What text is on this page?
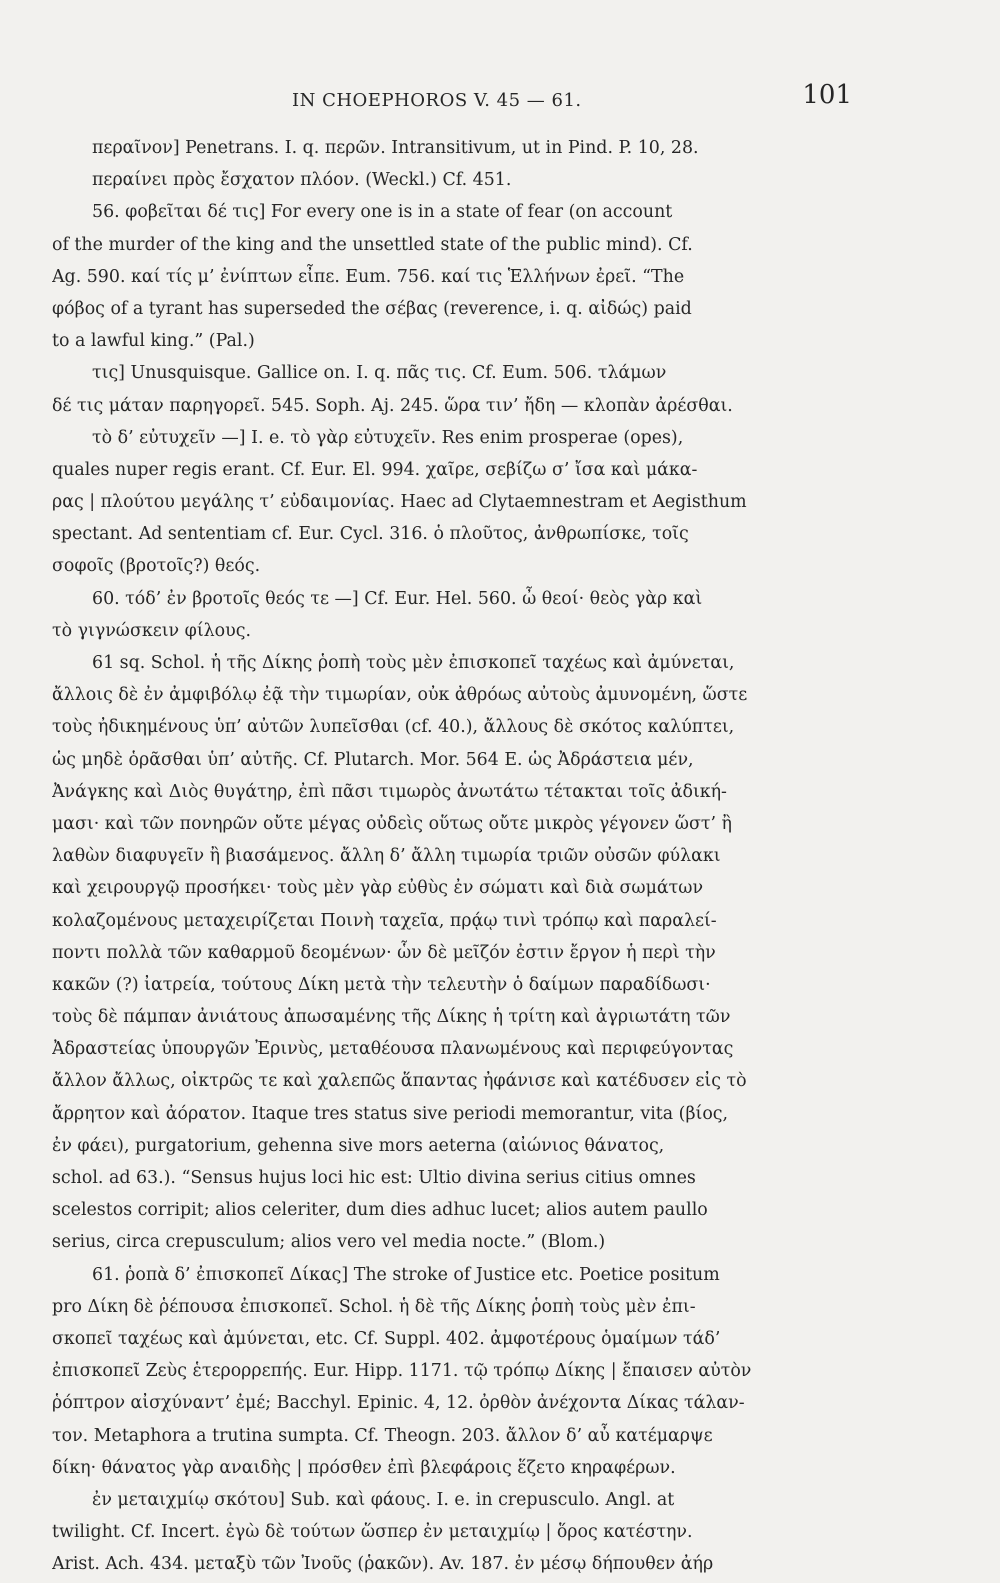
IN CHOEPHOROS V. 45 — 61.	101
περαῖνον] Penetrans. I. q. περῶν. Intransitivum, ut in Pind. P. 10, 28.
περαίνει πρὸς ἔσχατον πλόον. (Weckl.) Cf. 451.
56. φοβεῖται δέ τις] For every one is in a state of fear (on account
of the murder of the king and the unsettled state of the public mind). Cf.
Ag. 590. καί τίς μ’ ἐνίπτων εἶπε. Eum. 756. καί τις Ἑλλήνων ἐρεῖ. “The
φόβος of a tyrant has superseded the σέβας (reverence, i. q. αἰδώς) paid
to a lawful king.” (Pal.)
τις] Unusquisque. Gallice on. I. q. πᾶς τις. Cf. Eum. 506. τλάμων
δέ τις μάταν παρηγορεῖ. 545. Soph. Aj. 245. ὥρα τιν’ ἤδη — κλοπὰν ἀρέσθαι.
τὸ δ’ εὐτυχεῖν —] I. e. τὸ γὰρ εὐτυχεῖν. Res enim prosperae (opes),
quales nuper regis erant. Cf. Eur. El. 994. χαῖρε, σεβίζω σ’ ἴσα καὶ μάκα-
ρας | πλούτου μεγάλης τ’ εὐδαιμονίας. Haec ad Clytaemnestram et Aegisthum
spectant. Ad sententiam cf. Eur. Cycl. 316. ὁ πλοῦτος, ἀνθρωπίσκε, τοῖς
σοφοῖς (βροτοῖς?) θεός.
60. τόδ’ ἐν βροτοῖς θεός τε —] Cf. Eur. Hel. 560. ὦ θεοί· θεὸς γὰρ καὶ
τὸ γιγνώσκειν φίλους.
61 sq. Schol. ἡ τῆς Δίκης ῥοπὴ τοὺς μὲν ἐπισκοπεῖ ταχέως καὶ ἀμύνεται,
ἄλλοις δὲ ἐν ἀμφιβόλῳ ἐᾷ τὴν τιμωρίαν, οὐκ ἀθρόως αὐτοὺς ἀμυνομένη, ὥστε
τοὺς ἠδικημένους ὑπ’ αὐτῶν λυπεῖσθαι (cf. 40.), ἄλλους δὲ σκότος καλύπτει,
ὡς μηδὲ ὁρᾶσθαι ὑπ’ αὐτῆς. Cf. Plutarch. Mor. 564 E. ὡς Ἀδράστεια μέν,
Ἀνάγκης καὶ Διὸς θυγάτηρ, ἐπὶ πᾶσι τιμωρὸς ἀνωτάτω τέτακται τοῖς ἀδική-
μασι· καὶ τῶν πονηρῶν οὔτε μέγας οὐδεὶς οὕτως οὔτε μικρὸς γέγονεν ὥστ’ ἢ
λαθὼν διαφυγεῖν ἢ βιασάμενος. ἄλλη δ’ ἄλλη τιμωρία τριῶν οὐσῶν φύλακι
καὶ χειρουργῷ προσήκει· τοὺς μὲν γὰρ εὐθὺς ἐν σώματι καὶ διὰ σωμάτων
κολαζομένους μεταχειρίζεται Ποινὴ ταχεῖα, πρᾴῳ τινὶ τρόπῳ καὶ παραλεί-
ποντι πολλὰ τῶν καθαρμοῦ δεομένων· ὧν δὲ μεῖζόν ἐστιν ἔργον ἡ περὶ τὴν
κακῶν (?) ἰατρεία, τούτους Δίκη μετὰ τὴν τελευτὴν ὁ δαίμων παραδίδωσι·
τοὺς δὲ πάμπαν ἀνιάτους ἀπωσαμένης τῆς Δίκης ἡ τρίτη καὶ ἀγριωτάτη τῶν
Ἀδραστείας ὑπουργῶν Ἐρινὺς, μεταθέουσα πλανωμένους καὶ περιφεύγοντας
ἄλλον ἄλλως, οἰκτρῶς τε καὶ χαλεπῶς ἅπαντας ἠφάνισε καὶ κατέδυσεν εἰς τὸ
ἄρρητον καὶ ἀόρατον. Itaque tres status sive periodi memorantur, vita (βίος,
ἐν φάει), purgatorium, gehenna sive mors aeterna (αἰώνιος θάνατος,
schol. ad 63.). “Sensus hujus loci hic est: Ultio divina serius citius omnes
scelestos corripit; alios celeriter, dum dies adhuc lucet; alios autem paullo
serius, circa crepusculum; alios vero vel media nocte.” (Blom.)
61. ῥοπὰ δ’ ἐπισκοπεῖ Δίκας] The stroke of Justice etc. Poetice positum
pro Δίκη δὲ ῥέπουσα ἐπισκοπεῖ. Schol. ἡ δὲ τῆς Δίκης ῥοπὴ τοὺς μὲν ἐπι-
σκοπεῖ ταχέως καὶ ἀμύνεται, etc. Cf. Suppl. 402. ἀμφοτέρους ὁμαίμων τάδ’
ἐπισκοπεῖ Ζεὺς ἑτερορρεπής. Eur. Hipp. 1171. τῷ τρόπῳ Δίκης | ἔπαισεν αὐτὸν
ῥόπτρον αἰσχύναντ’ ἐμέ; Bacchyl. Epinic. 4, 12. ὀρθὸν ἀνέχοντα Δίκας τάλαν-
τον. Metaphora a trutina sumpta. Cf. Theogn. 203. ἄλλον δ’ αὖ κατέμαρψε
δίκη· θάνατος γὰρ αναιδὴς | πρόσθεν ἐπὶ βλεφάροις ἕζετο κηραφέρων.
ἐν μεταιχμίῳ σκότου] Sub. καὶ φάους. I. e. in crepusculo. Angl. at
twilight. Cf. Incert. ἐγὼ δὲ τούτων ὥσπερ ἐν μεταιχμίῳ | ὅρος κατέστην.
Arist. Ach. 434. μεταξὺ τῶν Ἰνοῦς (ῥακῶν). Av. 187. ἐν μέσῳ δήπουθεν ἀήρ
